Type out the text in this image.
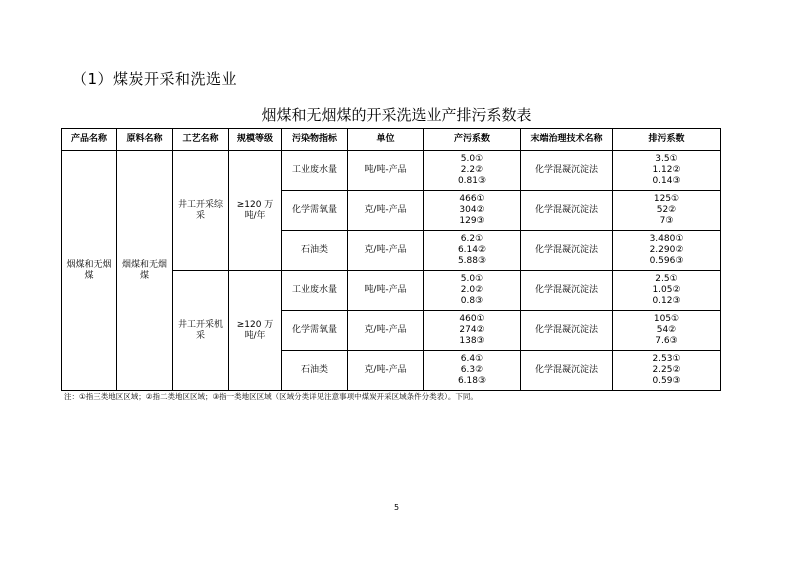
（1）煤炭开采和洗选业
烟煤和无烟煤的开采洗选业产排污系数表
产品名称	原料名称	工艺名称	规模等级	污染物指标	单位	产污系数	末端治理技术名称	排污系数
烟煤和无烟煤	烟煤和无烟煤	井工开采综采	≥120 万吨/年	工业废水量	吨/吨-产品	5.0①
2.2②
0.81③	化学混凝沉淀法	3.5①
1.12②
0.14③

				化学需氧量	克/吨-产品	466①
304②
129③	化学混凝沉淀法	125①
52②
7③

				石油类	克/吨-产品	6.2①
6.14②
5.88③	化学混凝沉淀法	3.480①
2.290②
0.596③

		井工开采机采	≥120 万吨/年	工业废水量	吨/吨-产品	5.0①
2.0②
0.8③	化学混凝沉淀法	2.5①
1.05②
0.12③

				化学需氧量	克/吨-产品	460①
274②
138③	化学混凝沉淀法	105①
54②
7.6③

				石油类	克/吨-产品	6.4①
6.3②
6.18③	化学混凝沉淀法	2.53①
2.25②
0.59③
注：①指三类地区区域；②指二类地区区域；③指一类地区区域（区域分类详见注意事项中煤炭开采区域条件分类表）。下同。
5
